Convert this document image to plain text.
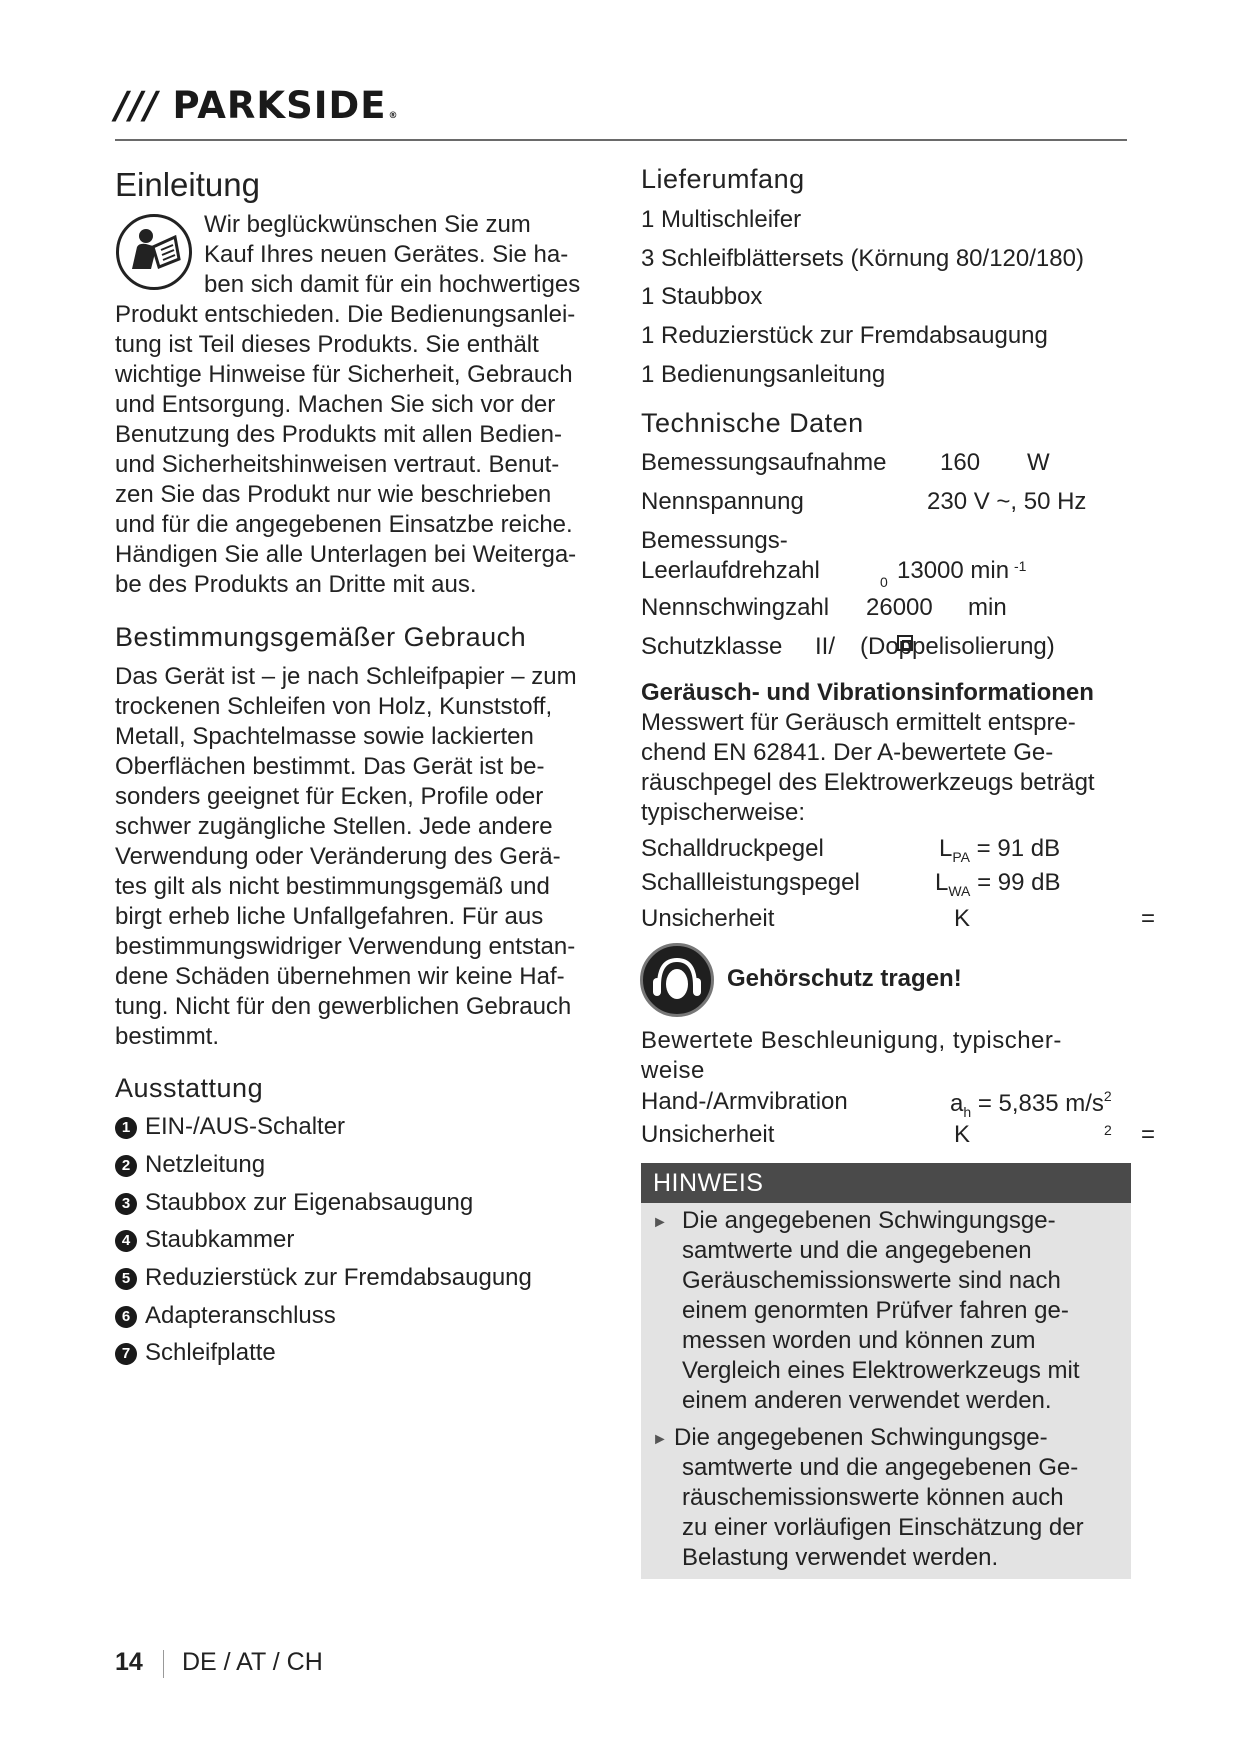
/// PARKSIDE ®
Einleitung
Wir beglückwünschen Sie zum
Kauf Ihres neuen Gerätes. Sie ha-
ben sich damit für ein hochwertiges
Produkt entschieden. Die Bedienungsanlei-
tung ist Teil dieses Produkts. Sie enthält
wichtige Hinweise für Sicherheit, Gebrauch
und Entsorgung. Machen Sie sich vor der
Benutzung des Produkts mit allen Bedien-
und Sicherheitshinweisen vertraut. Benut-
zen Sie das Produkt nur wie beschrieben
und für die angegebenen Einsatzbe reiche.
Händigen Sie alle Unterlagen bei Weiterga-
be des Produkts an Dritte mit aus.
Bestimmungsgemäßer Gebrauch
Das Gerät ist – je nach Schleifpapier – zum
trockenen Schleifen von Holz, Kunststoff,
Metall, Spachtelmasse sowie lackierten
Oberflächen bestimmt. Das Gerät ist be-
sonders geeignet für Ecken, Profile oder
schwer zugängliche Stellen. Jede andere
Verwendung oder Veränderung des Gerä-
tes gilt als nicht bestimmungsgemäß und
birgt erheb liche Unfallgefahren. Für aus
bestimmungswidriger Verwendung entstan-
dene Schäden übernehmen wir keine Haf-
tung. Nicht für den gewerblichen Gebrauch
bestimmt.
Ausstattung
1 EIN-/AUS-Schalter
2 Netzleitung
3 Staubbox zur Eigenabsaugung
4 Staubkammer
5 Reduzierstück zur Fremdabsaugung
6 Adapteranschluss
7 Schleifplatte
Lieferumfang
1 Multischleifer
3 Schleifblättersets (Körnung 80/120/180)
1 Staubbox
1 Reduzierstück zur Fremdabsaugung
1 Bedienungsanleitung
Technische Daten
Bemessungsaufnahme 160 W
Nennspannung	230 V ~, 50 Hz
Bemessungs-
Leerlaufdrehzahl	0 13000 min -1
Nennschwingzahl 26000 min
Schutzklasse II/ (Doppelisolierung)
Geräusch- und Vibrationsinformationen
Messwert für Geräusch ermittelt entspre-
chend EN 62841. Der A-bewertete Ge-
räuschpegel des Elektrowerkzeugs beträgt
typischerweise:
Schalldruckpegel	$L_{PA} = 91$ dB
Schallleistungspegel	$L_{WA} = 99$ dB
Unsicherheit	K	=
Gehörschutz tragen!
Bewertete Beschleunigung, typischer-
weise
Hand-/Armvibration	$a_h = 5,835$ $m/s^2$
Unsicherheit	K	2 =
HINWEIS
► Die angegebenen Schwingungsge-
samtwerte und die angegebenen
Geräuschemissionswerte sind nach
einem genormten Prüfver fahren ge-
messen worden und können zum
Vergleich eines Elektrowerkzeugs mit
einem anderen verwendet werden.
► Die angegebenen Schwingungsge-
samtwerte und die angegebenen Ge-
räuschemissionswerte können auch
zu einer vorläufigen Einschätzung der
Belastung verwendet werden.
14 DE / AT / CH
